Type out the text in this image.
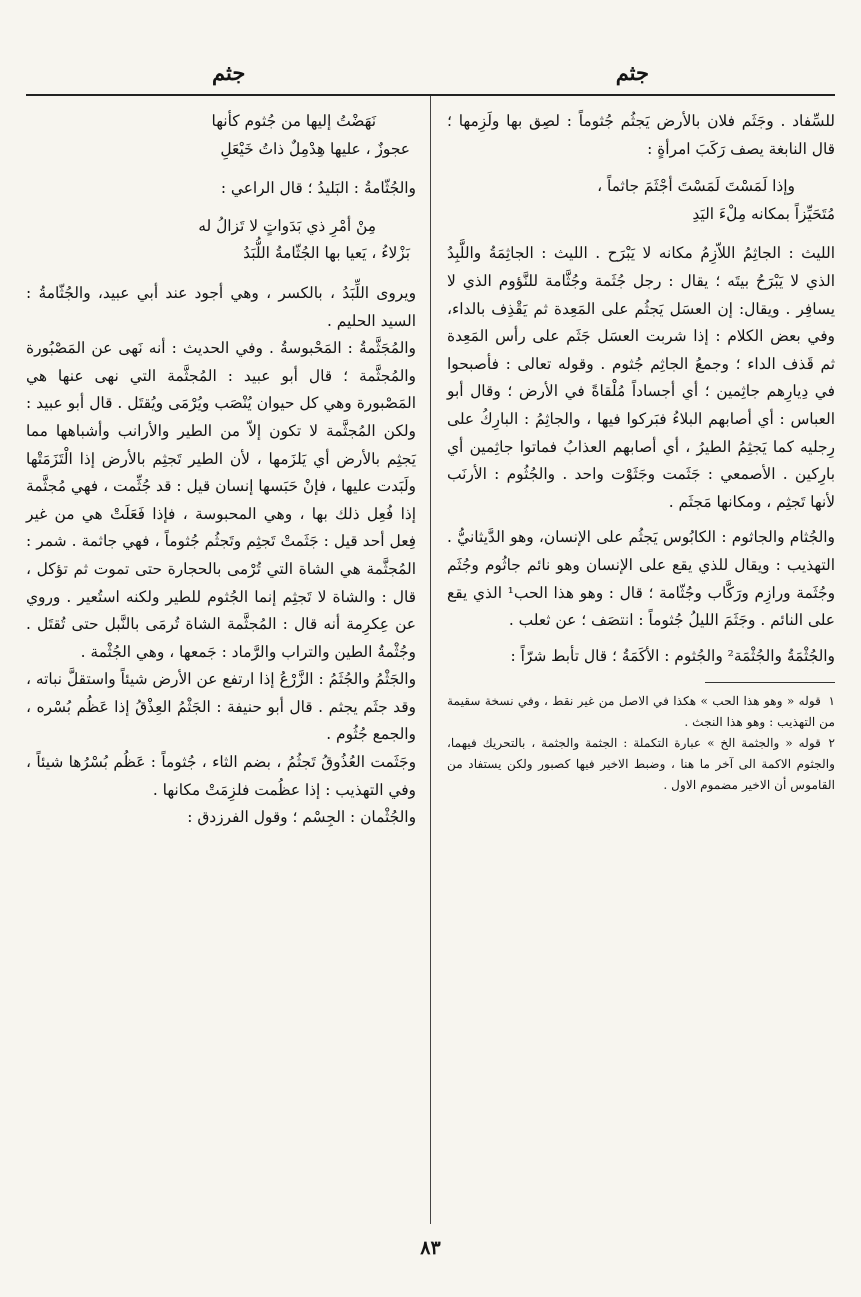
جثم
جثم

للسِّفاد . وجَثَم فلان بالأرض يَجثُم جُثوماً : لصِق بها ولَزِمها ؛ قال النابغة يصف رَكَبَ امرأةٍ :

وإذا لَمَسْتَ لَمَسْتَ أجْثَمَ جاثماً ،
مُتَحَيِّزاً بمكانه مِلْءَ اليَدِ

الليث : الجاثِمُ اللاّزِمُ مكانه لا يَبْرَح . الليث : الجاثِمَةُ واللَّبِدُ الذي لا يَبْرَحُ بيتَه ؛ يقال : رجل جُثَمة وجُثَّامة للنَّؤوم الذي لا يسافِر . ويقال: إن العسَل يَجثُم على المَعِدة ثم يَقْذِف بالداء، وفي بعض الكلام : إذا شربت العسَل جَثَم على رأس المَعِدة ثم قَذف الداء ؛ وجمعُ الجاثِم جُثوم . وقوله تعالى : فأصبحوا في دِيارِهم جاثِمين ؛ أي أجساداً مُلْقاةً في الأرض ؛ وقال أبو العباس : أي أصابهم البلاءُ فبَركوا فيها ، والجاثِمُ : البارِكُ على رِجليه كما يَجثِمُ الطيرُ ، أي أصابهم العذابُ فماتوا جاثِمين أي بارِكين . الأصمعي : جَثَمت وجَثَوْت واحد . والجُثُوم : الأرنَب لأنها تَجثِم ، ومكانها مَجثَم .

والجُثام والجاثوم : الكابُوس يَجثُم على الإنسان، وهو الدَّيثانيُّ . التهذيب : ويقال للذي يقع على الإنسان وهو نائم جاثُوم وجُثَم وجُثَمة ورازِم ورَكَّاب وجُثّامة ؛ قال : وهو هذا الحب¹ الذي يقع على النائم . وجَثَمَ الليلُ جُثوماً : انتصَف ؛ عن ثعلب .

والجُثْمَةُ والجُثْمَة² والجُثوم : الأكَمَةُ ؛ قال تأبط شرّاً :

١قوله « وهو هذا الحب » هكذا في الاصل من غير نقط ، وفي نسخة سقيمة من التهذيب : وهو هذا النجث .

٢قوله « والجثمة الخ » عبارة التكملة : الجثمة والجثمة ، بالتحريك فيهما، والجثوم الاكمة الى آخر ما هنا ، وضبط الاخير فيها كصبور ولكن يستفاد من القاموس أن الاخير مضموم الاول .

نَهَضْتُ إليها من جُثوم كأنها
عجوزٌ ، عليها هِدْمِلٌ ذاتُ خَيْعَلِ

والجُثّامةُ : البَليدُ ؛ قال الراعي :

مِنْ أمْرِ ذي بَدَواتٍ لا تَزالُ له
بَزْلاءُ ، يَعيا بها الجُثّامةُ اللُّبَدُ

ويروى اللِّبَدُ ، بالكسر ، وهي أجود عند أبي عبيد، والجُثّامةُ : السيد الحليم .

والمُجَثَّمةُ : المَحْبوسةُ . وفي الحديث : أنه نَهى عن المَصْبُورة والمُجثَّمة ؛ قال أبو عبيد : المُجثَّمة التي نهى عنها هي المَصْبورة وهي كل حيوان يُنْصَب ويُرْمَى ويُقتَل . قال أبو عبيد : ولكن المُجثَّمة لا تكون إلاّ من الطير والأرانب وأشباهها مما يَجثِم بالأرض أي يَلزَمها ، لأن الطير تَجثِم بالأرض إذا الْتَزَمَتْها ولَبَدت عليها ، فإنْ حَبَسها إنسان قيل : قد جُثِّمت ، فهي مُجثَّمة إذا فُعِل ذلك بها ، وهي المحبوسة ، فإذا فَعَلَتْ هي من غير فِعل أحد قيل : جَثَمتْ تَجثِم وتَجثُم جُثوماً ، فهي جاثمة . شمر : المُجثَّمة هي الشاة التي تُرْمى بالحجارة حتى تموت ثم تؤكل ، قال : والشاة لا تَجثِم إنما الجُثوم للطير ولكنه استُعير . وروي عن عِكرِمة أنه قال : المُجثَّمة الشاة تُرمَى بالنَّبل حتى تُقتَل . وجُثْمةُ الطين والتراب والرَّماد : جَمعها ، وهي الجُثْمة .

والجَثْمُ والجُثَمُ : الزَّرْعُ إذا ارتفع عن الأرض شيئاً واستقلَّ نباته ، وقد جثَم يجثم . قال أبو حنيفة : الجَثْمُ العِذْقُ إذا عَظُم بُسْره ، والجمع جُثُوم .

وجَثَمت العُذُوقُ تَجثُمُ ، بضم الثاء ، جُثوماً : عَظُم بُسْرُها شيئاً ، وفي التهذيب : إذا عظُمت فلزِمَتْ مكانها .

والجُثْمان : الجِسْم ؛ وقول الفرزدق :

٨٣
